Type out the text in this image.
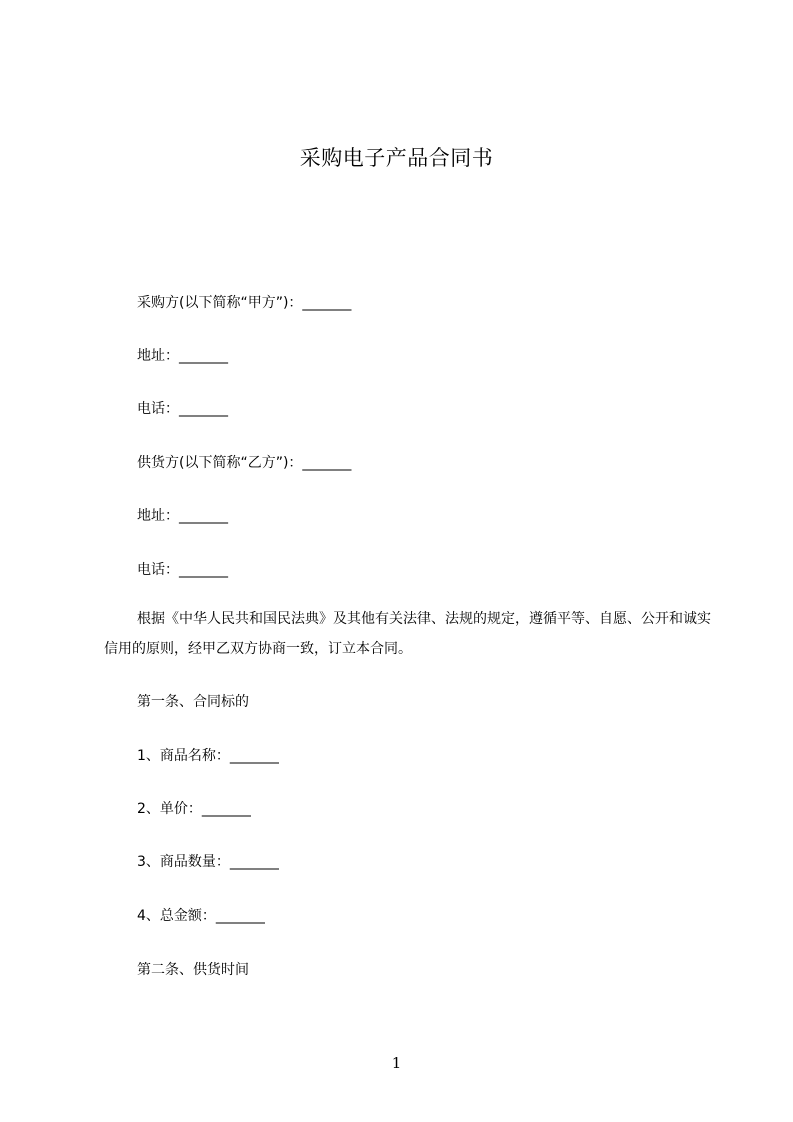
采购电子产品合同书
采购方(以下简称“甲方”)：_______
地址：_______
电话：_______
供货方(以下简称“乙方”)：_______
地址：_______
电话：_______
根据《中华人民共和国民法典》及其他有关法律、法规的规定，遵循平等、自愿、公开和诚实信用的原则，经甲乙双方协商一致，订立本合同。
第一条、合同标的
1、商品名称：_______
2、单价：_______
3、商品数量：_______
4、总金额：_______
第二条、供货时间
1
